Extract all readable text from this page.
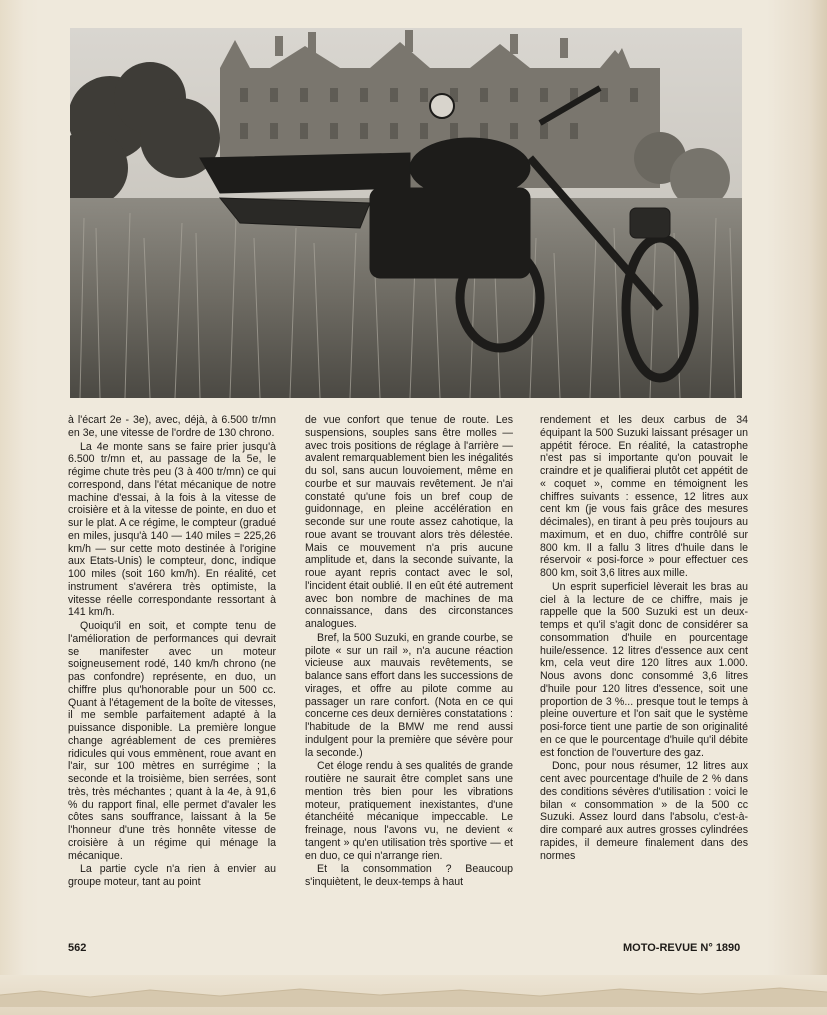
à l'écart 2e - 3e), avec, déjà, à 6.500 tr/mn en 3e, une vitesse de l'ordre de 130 chrono.

La 4e monte sans se faire prier jusqu'à 6.500 tr/mn et, au passage de la 5e, le régime chute très peu (3 à 400 tr/mn) ce qui correspond, dans l'état mécanique de notre machine d'essai, à la fois à la vitesse de croisière et à la vitesse de pointe, en duo et sur le plat. A ce régime, le compteur (gradué en miles, jusqu'à 140 — 140 miles = 225,26 km/h — sur cette moto destinée à l'origine aux Etats-Unis) le compteur, donc, indique 100 miles (soit 160 km/h). En réalité, cet instrument s'avérera très optimiste, la vitesse réelle correspondante ressortant à 141 km/h.

Quoiqu'il en soit, et compte tenu de l'amélioration de performances qui devrait se manifester avec un moteur soigneusement rodé, 140 km/h chrono (ne pas confondre) représente, en duo, un chiffre plus qu'honorable pour un 500 cc. Quant à l'étagement de la boîte de vitesses, il me semble parfaitement adapté à la puissance disponible. La première longue change agréablement de ces premières ridicules qui vous emmènent, roue avant en l'air, sur 100 mètres en surrégime ; la seconde et la troisième, bien serrées, sont très, très méchantes ; quant à la 4e, à 91,6 % du rapport final, elle permet d'avaler les côtes sans souffrance, laissant à la 5e l'honneur d'une très honnête vitesse de croisière à un régime qui ménage la mécanique.

La partie cycle n'a rien à envier au groupe moteur, tant au point

de vue confort que tenue de route. Les suspensions, souples sans être molles — avec trois positions de réglage à l'arrière — avalent remarquablement bien les inégalités du sol, sans aucun louvoiement, même en courbe et sur mauvais revêtement. Je n'ai constaté qu'une fois un bref coup de guidonnage, en pleine accélération en seconde sur une route assez cahotique, la roue avant se trouvant alors très délestée. Mais ce mouvement n'a pris aucune amplitude et, dans la seconde suivante, la roue ayant repris contact avec le sol, l'incident était oublié. Il en eût été autrement avec bon nombre de machines de ma connaissance, dans des circonstances analogues.

Bref, la 500 Suzuki, en grande courbe, se pilote « sur un rail », n'a aucune réaction vicieuse aux mauvais revêtements, se balance sans effort dans les successions de virages, et offre au pilote comme au passager un rare confort. (Nota en ce qui concerne ces deux dernières constatations : l'habitude de la BMW me rend aussi indulgent pour la première que sévère pour la seconde.)

Cet éloge rendu à ses qualités de grande routière ne saurait être complet sans une mention très bien pour les vibrations moteur, pratiquement inexistantes, d'une étanchéité mécanique impeccable. Le freinage, nous l'avons vu, ne devient « tangent » qu'en utilisation très sportive — et en duo, ce qui n'arrange rien.

Et la consommation ? Beaucoup s'inquiètent, le deux-temps à haut

rendement et les deux carbus de 34 équipant la 500 Suzuki laissant présager un appétit féroce. En réalité, la catastrophe n'est pas si importante qu'on pouvait le craindre et je qualifierai plutôt cet appétit de « coquet », comme en témoignent les chiffres suivants : essence, 12 litres aux cent km (je vous fais grâce des mesures décimales), en tirant à peu près toujours au maximum, et en duo, chiffre contrôlé sur 800 km. Il a fallu 3 litres d'huile dans le réservoir « posi-force » pour effectuer ces 800 km, soit 3,6 litres aux mille.

Un esprit superficiel lèverait les bras au ciel à la lecture de ce chiffre, mais je rappelle que la 500 Suzuki est un deux-temps et qu'il s'agit donc de considérer sa consommation d'huile en pourcentage huile/essence. 12 litres d'essence aux cent km, cela veut dire 120 litres aux 1.000. Nous avons donc consommé 3,6 litres d'huile pour 120 litres d'essence, soit une proportion de 3 %... presque tout le temps à pleine ouverture et l'on sait que le système posi-force tient une partie de son originalité en ce que le pourcentage d'huile qu'il débite est fonction de l'ouverture des gaz.

Donc, pour nous résumer, 12 litres aux cent avec pourcentage d'huile de 2 % dans des conditions sévères d'utilisation : voici le bilan « consommation » de la 500 cc Suzuki. Assez lourd dans l'absolu, c'est-à-dire comparé aux autres grosses cylindrées rapides, il demeure finalement dans des normes

562	MOTO-REVUE N° 1890
